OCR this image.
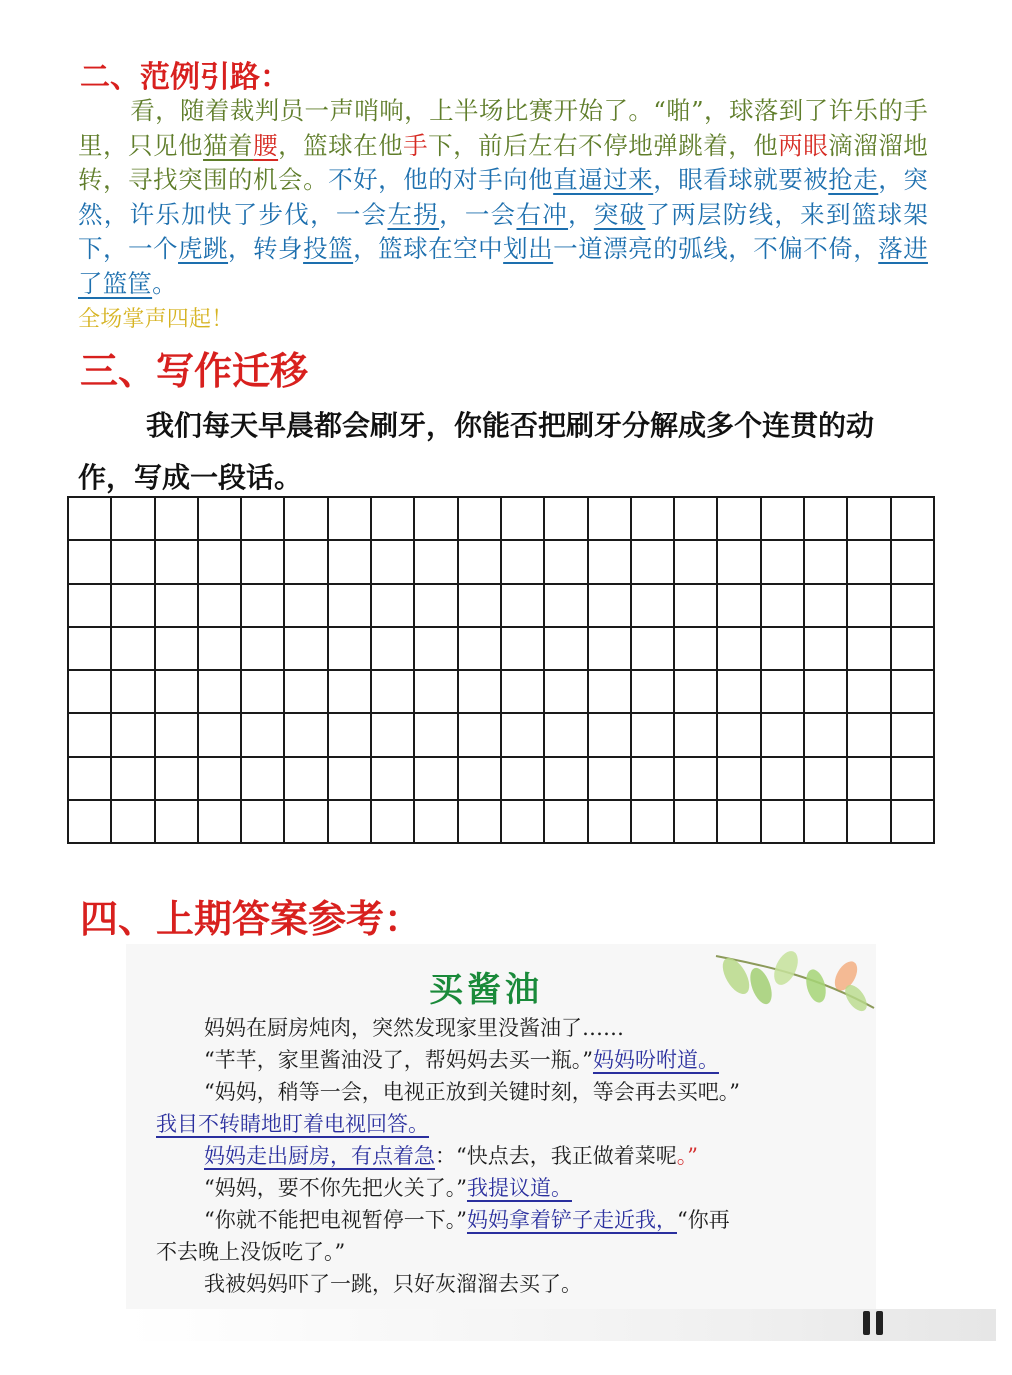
二、范例引路：

看，随着裁判员一声哨响，上半场比赛开始了。“啪”，球落到了许乐的手里，只见他猫着腰，篮球在他手下，前后左右不停地弹跳着，他两眼滴溜溜地转，寻找突围的机会。不好，他的对手向他直逼过来，眼看球就要被抢走，突然，许乐加快了步伐，一会左拐，一会右冲，突破了两层防线，来到篮球架下，一个虎跳，转身投篮，篮球在空中划出一道漂亮的弧线，不偏不倚，落进了篮筐。

全场掌声四起！

三、写作迁移
我们每天早晨都会刷牙，你能否把刷牙分解成多个连贯的动作，写成一段话。
四、上期答案参考：
买酱油

妈妈在厨房炖肉，突然发现家里没酱油了……

“芊芊，家里酱油没了，帮妈妈去买一瓶。”妈妈吩咐道。

“妈妈，稍等一会，电视正放到关键时刻，等会再去买吧。”

我目不转睛地盯着电视回答。

妈妈走出厨房，有点着急：“快点去，我正做着菜呢。”

“妈妈，要不你先把火关了。”我提议道。

“你就不能把电视暂停一下。”妈妈拿着铲子走近我，“你再

不去晚上没饭吃了。”

我被妈妈吓了一跳，只好灰溜溜去买了。
